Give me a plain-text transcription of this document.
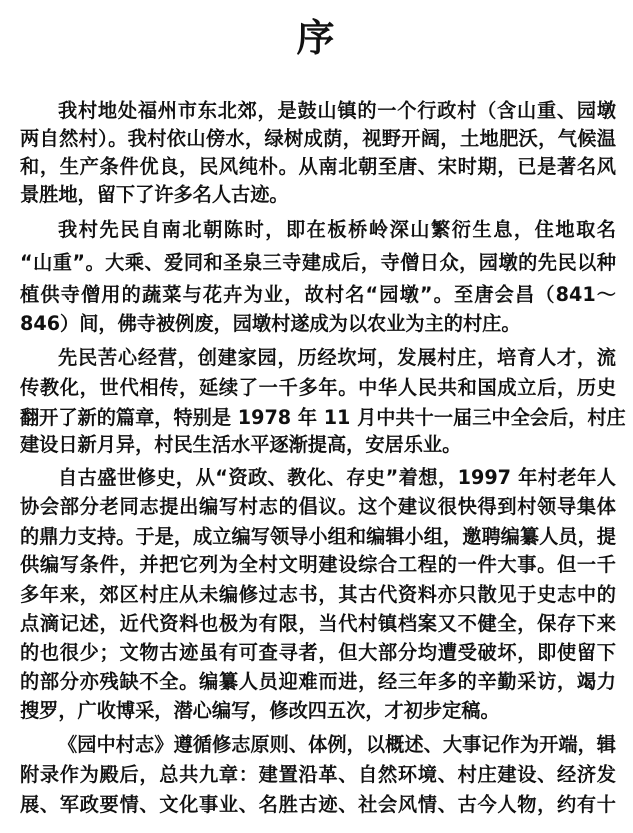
序
我村地处福州市东北郊，是鼓山镇的一个行政村（含山重、园墩
两自然村）。我村依山傍水，绿树成荫，视野开阔，土地肥沃，气候温
和，生产条件优良，民风纯朴。从南北朝至唐、宋时期，已是著名风
景胜地，留下了许多名人古迹。
我村先民自南北朝陈时，即在板桥岭深山繁衍生息，住地取名
“山重”。大乘、爱同和圣泉三寺建成后，寺僧日众，园墩的先民以种
植供寺僧用的蔬菜与花卉为业，故村名“园墩”。至唐会昌（841～
846）间，佛寺被例废，园墩村遂成为以农业为主的村庄。
先民苦心经营，创建家园，历经坎坷，发展村庄，培育人才，流
传教化，世代相传，延续了一千多年。中华人民共和国成立后，历史
翻开了新的篇章，特别是 1978 年 11 月中共十一届三中全会后，村庄
建设日新月异，村民生活水平逐渐提高，安居乐业。
自古盛世修史，从“资政、教化、存史”着想，1997 年村老年人
协会部分老同志提出编写村志的倡议。这个建议很快得到村领导集体
的鼎力支持。于是，成立编写领导小组和编辑小组，邀聘编纂人员，提
供编写条件，并把它列为全村文明建设综合工程的一件大事。但一千
多年来，郊区村庄从未编修过志书，其古代资料亦只散见于史志中的
点滴记述，近代资料也极为有限，当代村镇档案又不健全，保存下来
的也很少；文物古迹虽有可查寻者，但大部分均遭受破坏，即使留下
的部分亦残缺不全。编纂人员迎难而进，经三年多的辛勤采访，竭力
搜罗，广收博采，潜心编写，修改四五次，才初步定稿。
《园中村志》遵循修志原则、体例，以概述、大事记作为开端，辑
附录作为殿后，总共九章：建置沿革、自然环境、村庄建设、经济发
展、军政要情、文化事业、名胜古迹、社会风情、古今人物，约有十
